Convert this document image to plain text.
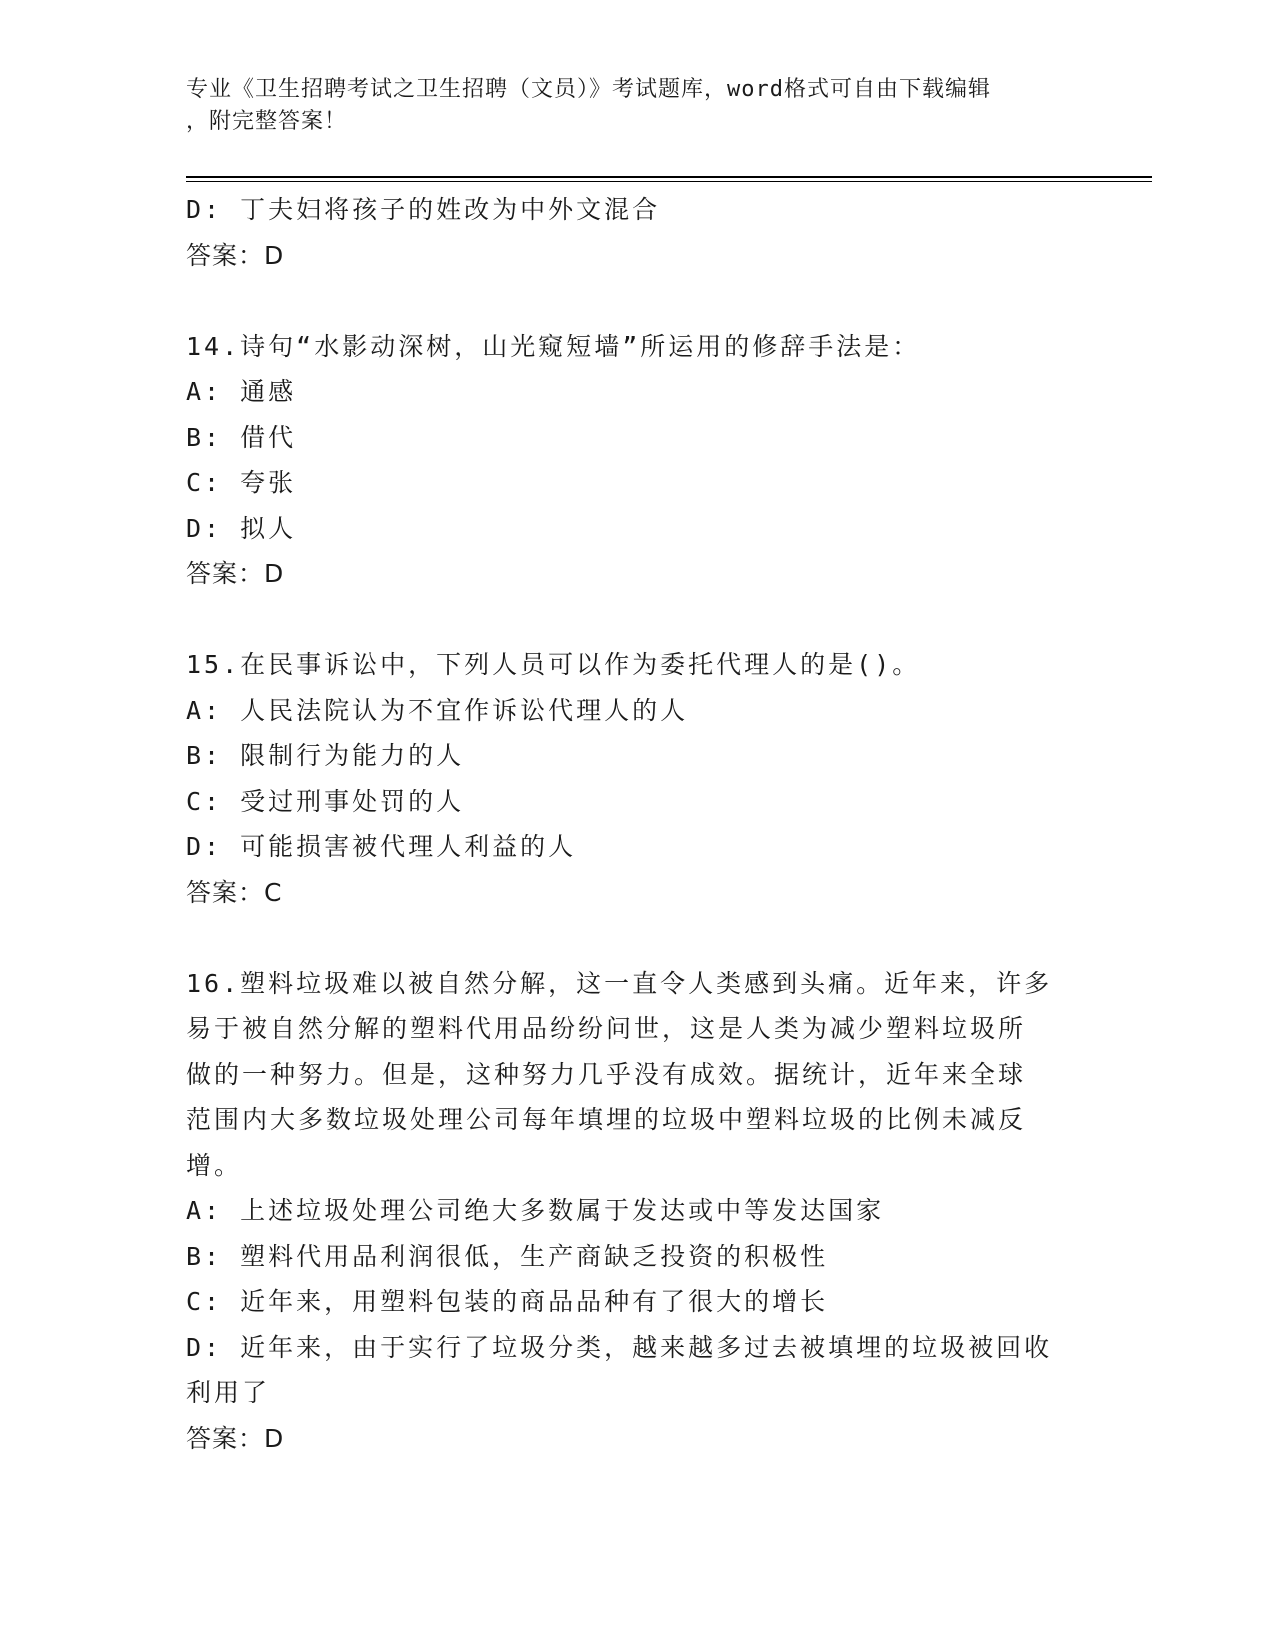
专业《卫生招聘考试之卫生招聘（文员）》考试题库，word格式可自由下载编辑
，附完整答案！
D: 丁夫妇将孩子的姓改为中外文混合
答案：D
14.诗句“水影动深树，山光窥短墙”所运用的修辞手法是：
A: 通感
B: 借代
C: 夸张
D: 拟人
答案：D
15.在民事诉讼中，下列人员可以作为委托代理人的是()。
A: 人民法院认为不宜作诉讼代理人的人
B: 限制行为能力的人
C: 受过刑事处罚的人
D: 可能损害被代理人利益的人
答案：C
16.塑料垃圾难以被自然分解，这一直令人类感到头痛。近年来，许多
易于被自然分解的塑料代用品纷纷问世，这是人类为减少塑料垃圾所
做的一种努力。但是，这种努力几乎没有成效。据统计，近年来全球
范围内大多数垃圾处理公司每年填埋的垃圾中塑料垃圾的比例未减反
增。
A: 上述垃圾处理公司绝大多数属于发达或中等发达国家
B: 塑料代用品利润很低，生产商缺乏投资的积极性
C: 近年来，用塑料包装的商品品种有了很大的增长
D: 近年来，由于实行了垃圾分类，越来越多过去被填埋的垃圾被回收
利用了
答案：D
